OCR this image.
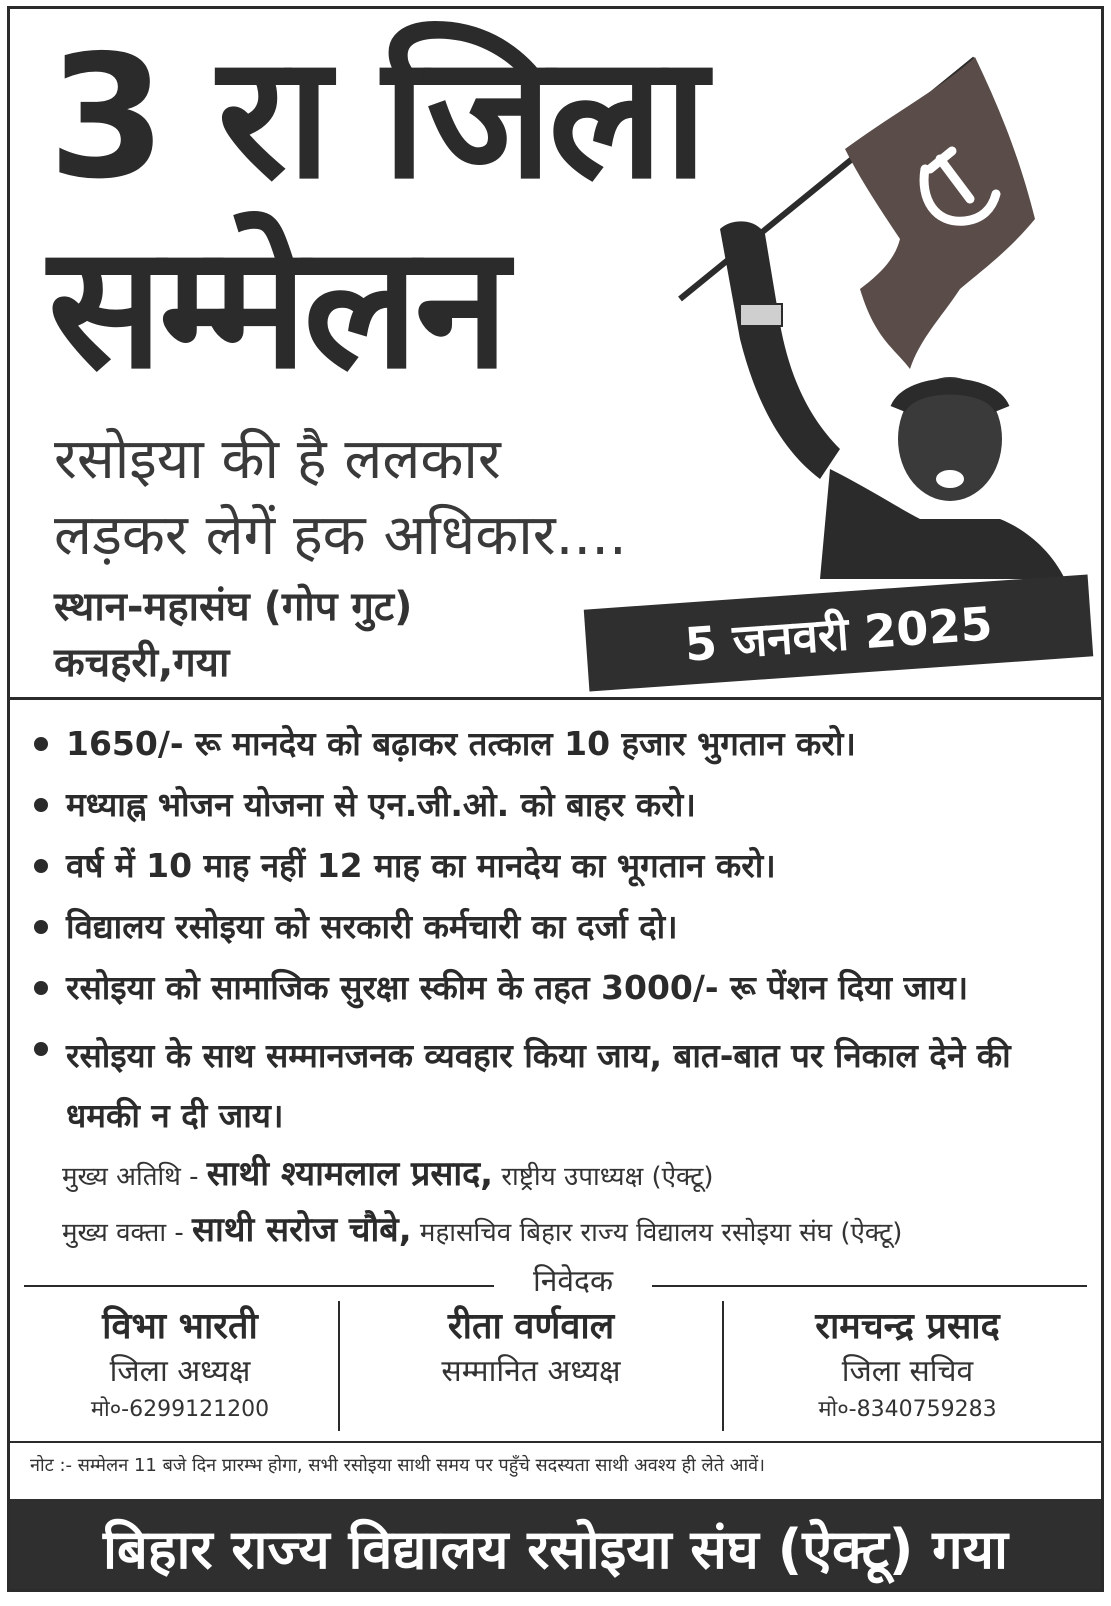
3 रा जिला
सम्मेलन
रसोइया की है ललकार
लड़कर लेगें हक अधिकार....
स्थान-महासंघ (गोप गुट)
कचहरी,गया	5 जनवरी 2025
1650/- रू मानदेय को बढ़ाकर तत्काल 10 हजार भुगतान करो।
मध्याह्न भोजन योजना से एन.जी.ओ. को बाहर करो।
वर्ष में 10 माह नहीं 12 माह का मानदेय का भूगतान करो।
विद्यालय रसोइया को सरकारी कर्मचारी का दर्जा दो।
रसोइया को सामाजिक सुरक्षा स्कीम के तहत 3000/- रू पेंशन दिया जाय।
रसोइया के साथ सम्मानजनक व्यवहार किया जाय, बात-बात पर निकाल देने की धमकी न दी जाय।
मुख्य अतिथि - साथी श्यामलाल प्रसाद, राष्ट्रीय उपाध्यक्ष (ऐक्टू)
मुख्य वक्ता - साथी सरोज चौबे, महासचिव बिहार राज्य विद्यालय रसोइया संघ (ऐक्टू)
निवेदक
विभा भारती
जिला अध्यक्ष
मो०-6299121200
रीता वर्णवाल
सम्मानित अध्यक्ष
रामचन्द्र प्रसाद
जिला सचिव
मो०-8340759283
नोट :- सम्मेलन 11 बजे दिन प्रारम्भ होगा, सभी रसोइया साथी समय पर पहुँचे सदस्यता साथी अवश्य ही लेते आवें।
बिहार राज्य विद्यालय रसोइया संघ (ऐक्टू) गया
